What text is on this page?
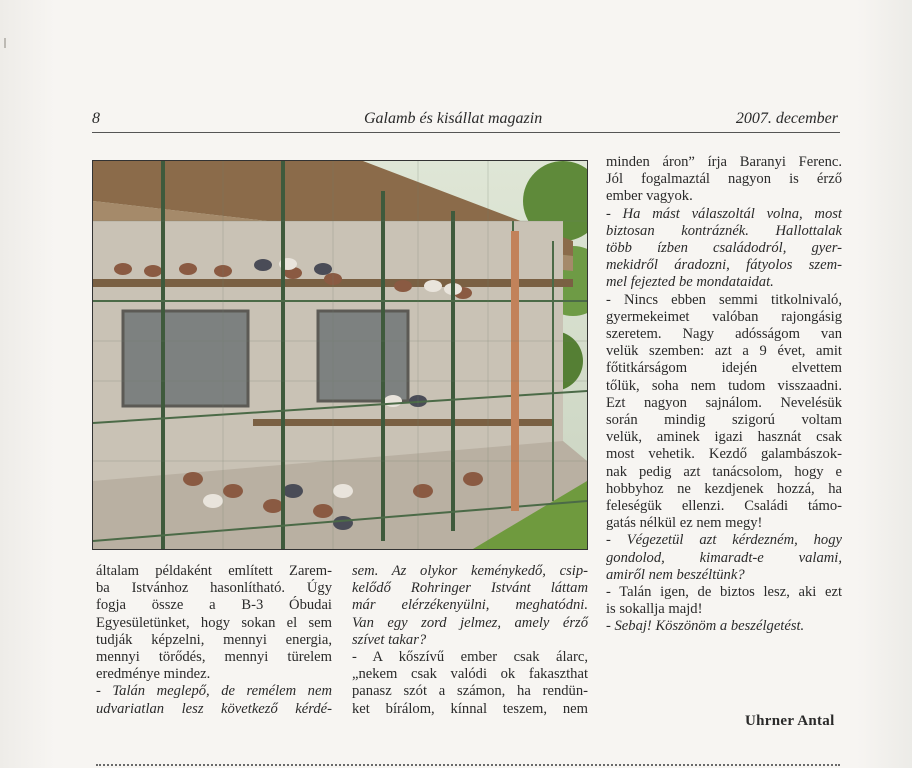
8	Galamb és kisállat magazin	2007. december

általam példaként említett Zarem-

ba Istvánhoz hasonlítható. Úgy

fogja össze a B-3 Óbudai

Egyesületünket, hogy sokan el sem

tudják képzelni, mennyi energia,

mennyi törődés, mennyi türelem

eredménye mindez.

- Talán meglepő, de remélem nem

udvariatlan lesz következő kérdé-

sem. Az olykor keménykedő, csip-

kelődő Rohringer Istvánt láttam

már elérzékenyülni, meghatódni.

Van egy zord jelmez, amely érző

szívet takar?

- A kőszívű ember csak álarc,

„nekem csak valódi ok fakaszthat

panasz szót a számon, ha rendün-

ket bírálom, kínnal teszem, nem

minden áron” írja Baranyi Ferenc.

Jól fogalmaztál nagyon is érző

ember vagyok.

- Ha mást válaszoltál volna, most

biztosan kontráznék. Hallottalak

több ízben családodról, gyer-

mekidről áradozni, fátyolos szem-

mel fejezted be mondataidat.

- Nincs ebben semmi titkolnivaló,

gyermekeimet valóban rajongásig

szeretem. Nagy adósságom van

velük szemben: azt a 9 évet, amit

főtitkárságom idején elvettem

tőlük, soha nem tudom visszaadni.

Ezt nagyon sajnálom. Nevelésük

során mindig szigorú voltam

velük, aminek igazi hasznát csak

most vehetik. Kezdő galambászok-

nak pedig azt tanácsolom, hogy e

hobbyhoz ne kezdjenek hozzá, ha

feleségük ellenzi. Családi támo-

gatás nélkül ez nem megy!

- Végezetül azt kérdezném, hogy

gondolod, kimaradt-e valami,

amiről nem beszéltünk?

- Talán igen, de biztos lesz, aki ezt

is sokallja majd!

- Sebaj! Köszönöm a beszélgetést.

Uhrner Antal
